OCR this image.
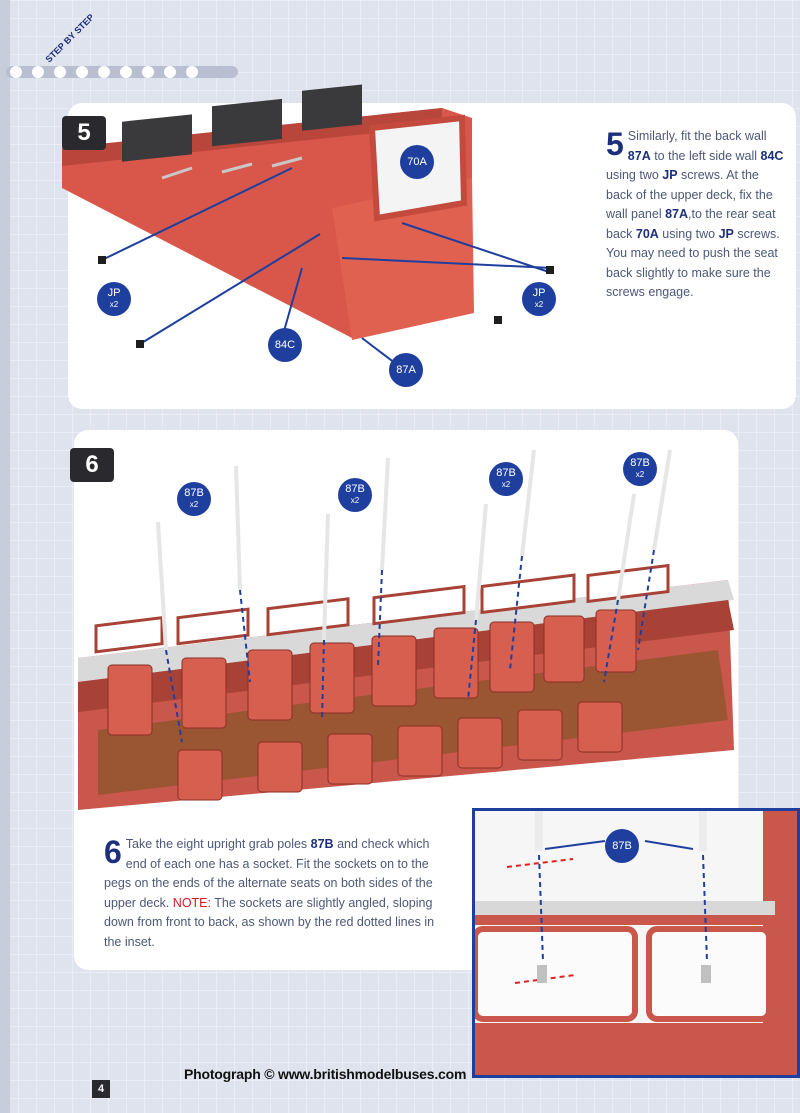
STEP BY STEP
5
JP
x2
JP
x2
70A
84C
87A
5 Similarly, fit the back wall 87A to the left side wall 84C using two JP screws. At the back of the upper deck, fix the wall panel 87A,to the rear seat back 70A using two JP screws. You may need to push the seat back slightly to make sure the screws engage.
6
87B
x2
87B
x2
87B
x2
87B
x2
6 Take the eight upright grab poles 87B and check which end of each one has a socket. Fit the sockets on to the pegs on the ends of the alternate seats on both sides of the upper deck. NOTE: The sockets are slightly angled, sloping down from front to back, as shown by the red dotted lines in the inset.
87B
Photograph © www.britishmodelbuses.com
4
